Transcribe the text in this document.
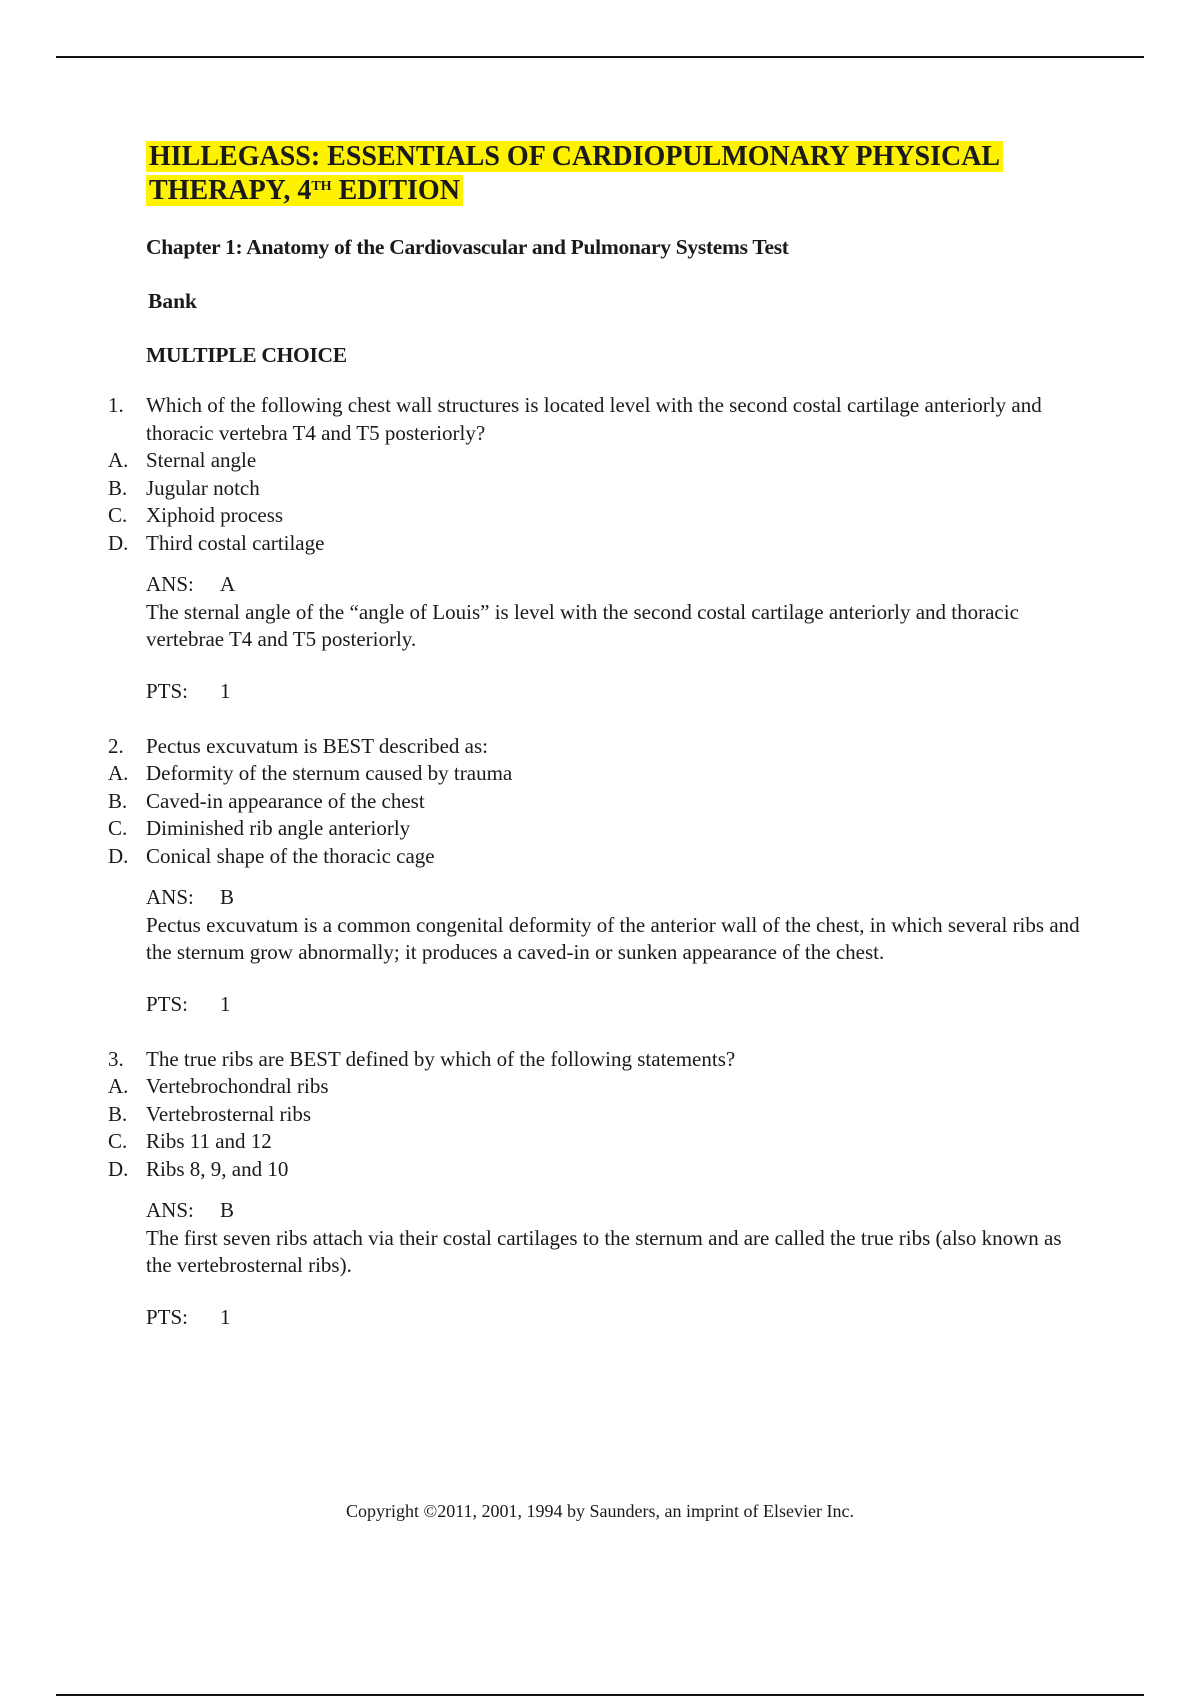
HILLEGASS: ESSENTIALS OF CARDIOPULMONARY PHYSICAL
THERAPY, 4TH EDITION
Chapter 1: Anatomy of the Cardiovascular and Pulmonary Systems Test
Bank
MULTIPLE CHOICE
1. Which of the following chest wall structures is located level with the second costal cartilage anteriorly and thoracic vertebra T4 and T5 posteriorly?
A. Sternal angle
B. Jugular notch
C. Xiphoid process
D. Third costal cartilage
ANS: A
The sternal angle of the “angle of Louis” is level with the second costal cartilage anteriorly and thoracic vertebrae T4 and T5 posteriorly.
PTS: 1
2. Pectus excuvatum is BEST described as:
A. Deformity of the sternum caused by trauma
B. Caved-in appearance of the chest
C. Diminished rib angle anteriorly
D. Conical shape of the thoracic cage
ANS: B
Pectus excuvatum is a common congenital deformity of the anterior wall of the chest, in which several ribs and the sternum grow abnormally; it produces a caved-in or sunken appearance of the chest.
PTS: 1
3. The true ribs are BEST defined by which of the following statements?
A. Vertebrochondral ribs
B. Vertebrosternal ribs
C. Ribs 11 and 12
D. Ribs 8, 9, and 10
ANS: B
The first seven ribs attach via their costal cartilages to the sternum and are called the true ribs (also known as the vertebrosternal ribs).
PTS: 1
Copyright ©2011, 2001, 1994 by Saunders, an imprint of Elsevier Inc.
